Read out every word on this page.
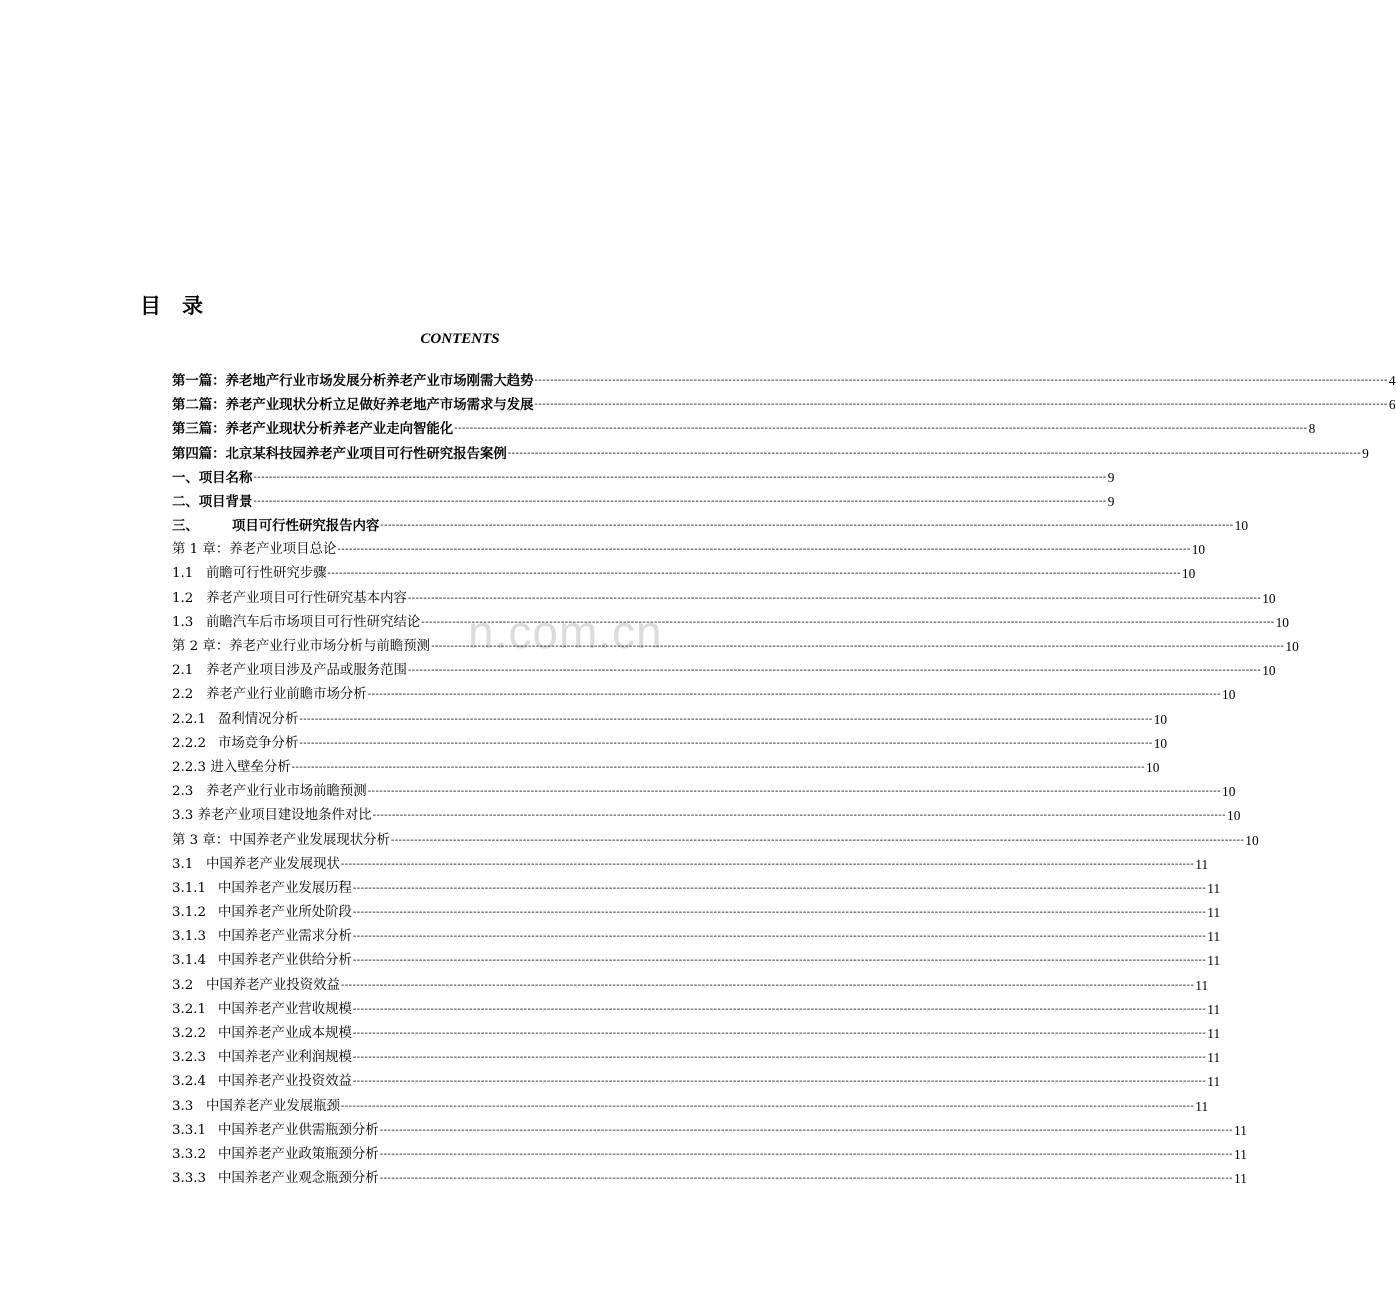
目　录
CONTENTS
n.com.cn
第一篇：养老地产行业市场发展分析养老产业市场刚需大趋势 ---------------------------------------------------------------------------------------------------------------------------------------------------------------------------------------------------------------------------- 4
第二篇：养老产业现状分析立足做好养老地产市场需求与发展 ---------------------------------------------------------------------------------------------------------------------------------------------------------------------------------------------------------------------------- 6
第三篇：养老产业现状分析养老产业走向智能化 ---------------------------------------------------------------------------------------------------------------------------------------------------------------------------------------------------------------------------- 8
第四篇：北京某科技园养老产业项目可行性研究报告案例 ---------------------------------------------------------------------------------------------------------------------------------------------------------------------------------------------------------------------------- 9
一、项目名称 ---------------------------------------------------------------------------------------------------------------------------------------------------------------------------------------------------------------------------- 9
二、项目背景 ---------------------------------------------------------------------------------------------------------------------------------------------------------------------------------------------------------------------------- 9
三、 项目可行性研究报告内容 ---------------------------------------------------------------------------------------------------------------------------------------------------------------------------------------------------------------------------- 10
第 1 章：养老产业项目总论 ---------------------------------------------------------------------------------------------------------------------------------------------------------------------------------------------------------------------------- 10
1.1 前瞻可行性研究步骤 ---------------------------------------------------------------------------------------------------------------------------------------------------------------------------------------------------------------------------- 10
1.2 养老产业项目可行性研究基本内容 ---------------------------------------------------------------------------------------------------------------------------------------------------------------------------------------------------------------------------- 10
1.3 前瞻汽车后市场项目可行性研究结论 ---------------------------------------------------------------------------------------------------------------------------------------------------------------------------------------------------------------------------- 10
第 2 章：养老产业行业市场分析与前瞻预测 ---------------------------------------------------------------------------------------------------------------------------------------------------------------------------------------------------------------------------- 10
2.1 养老产业项目涉及产品或服务范围 ---------------------------------------------------------------------------------------------------------------------------------------------------------------------------------------------------------------------------- 10
2.2 养老产业行业前瞻市场分析 ---------------------------------------------------------------------------------------------------------------------------------------------------------------------------------------------------------------------------- 10
2.2.1 盈利情况分析 ---------------------------------------------------------------------------------------------------------------------------------------------------------------------------------------------------------------------------- 10
2.2.2 市场竞争分析 ---------------------------------------------------------------------------------------------------------------------------------------------------------------------------------------------------------------------------- 10
2.2.3 进入壁垒分析 ---------------------------------------------------------------------------------------------------------------------------------------------------------------------------------------------------------------------------- 10
2.3 养老产业行业市场前瞻预测 ---------------------------------------------------------------------------------------------------------------------------------------------------------------------------------------------------------------------------- 10
3.3 养老产业项目建设地条件对比 ---------------------------------------------------------------------------------------------------------------------------------------------------------------------------------------------------------------------------- 10
第 3 章：中国养老产业发展现状分析 ---------------------------------------------------------------------------------------------------------------------------------------------------------------------------------------------------------------------------- 10
3.1 中国养老产业发展现状 ---------------------------------------------------------------------------------------------------------------------------------------------------------------------------------------------------------------------------- 11
3.1.1 中国养老产业发展历程 ---------------------------------------------------------------------------------------------------------------------------------------------------------------------------------------------------------------------------- 11
3.1.2 中国养老产业所处阶段 ---------------------------------------------------------------------------------------------------------------------------------------------------------------------------------------------------------------------------- 11
3.1.3 中国养老产业需求分析 ---------------------------------------------------------------------------------------------------------------------------------------------------------------------------------------------------------------------------- 11
3.1.4 中国养老产业供给分析 ---------------------------------------------------------------------------------------------------------------------------------------------------------------------------------------------------------------------------- 11
3.2 中国养老产业投资效益 ---------------------------------------------------------------------------------------------------------------------------------------------------------------------------------------------------------------------------- 11
3.2.1 中国养老产业营收规模 ---------------------------------------------------------------------------------------------------------------------------------------------------------------------------------------------------------------------------- 11
3.2.2 中国养老产业成本规模 ---------------------------------------------------------------------------------------------------------------------------------------------------------------------------------------------------------------------------- 11
3.2.3 中国养老产业利润规模 ---------------------------------------------------------------------------------------------------------------------------------------------------------------------------------------------------------------------------- 11
3.2.4 中国养老产业投资效益 ---------------------------------------------------------------------------------------------------------------------------------------------------------------------------------------------------------------------------- 11
3.3 中国养老产业发展瓶颈 ---------------------------------------------------------------------------------------------------------------------------------------------------------------------------------------------------------------------------- 11
3.3.1 中国养老产业供需瓶颈分析 ---------------------------------------------------------------------------------------------------------------------------------------------------------------------------------------------------------------------------- 11
3.3.2 中国养老产业政策瓶颈分析 ---------------------------------------------------------------------------------------------------------------------------------------------------------------------------------------------------------------------------- 11
3.3.3 中国养老产业观念瓶颈分析 ---------------------------------------------------------------------------------------------------------------------------------------------------------------------------------------------------------------------------- 11
